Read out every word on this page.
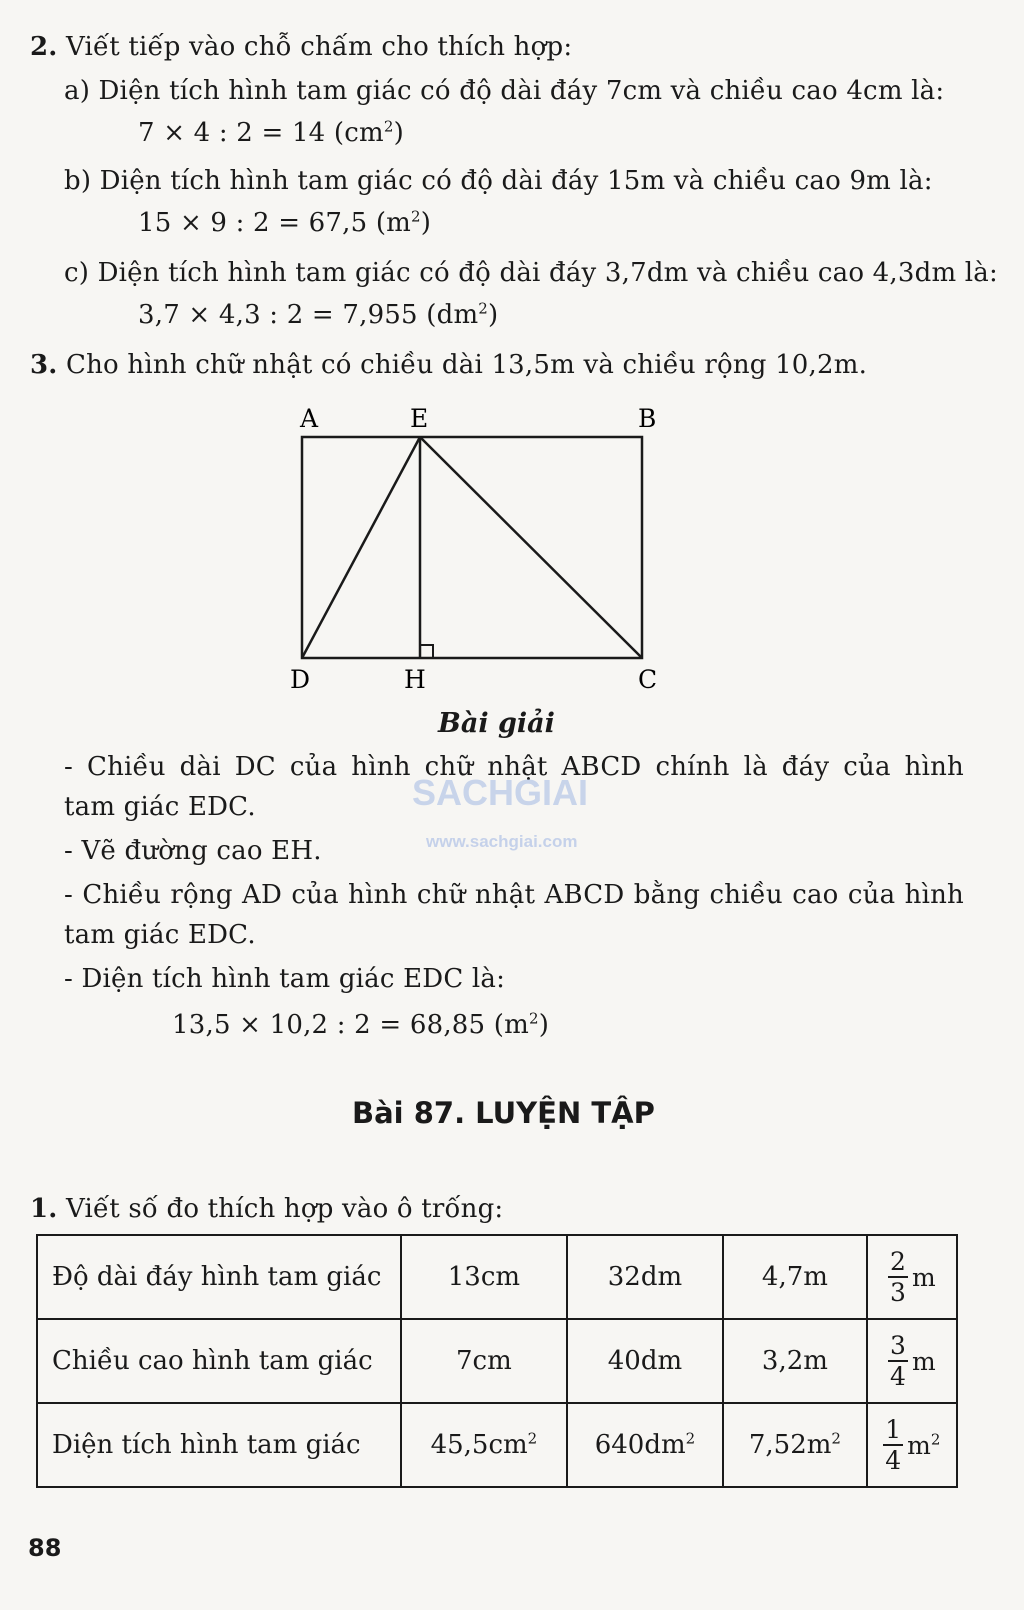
2. Viết tiếp vào chỗ chấm cho thích hợp:
a) Diện tích hình tam giác có độ dài đáy 7cm và chiều cao 4cm là:
7 × 4 : 2 = 14 $(cm^2)$
b) Diện tích hình tam giác có độ dài đáy 15m và chiều cao 9m là:
15 × 9 : 2 = 67,5 $(m^2)$
c) Diện tích hình tam giác có độ dài đáy 3,7dm và chiều cao 4,3dm là:
3,7 × 4,3 : 2 = 7,955 $(dm^2)$
3. Cho hình chữ nhật có chiều dài 13,5m và chiều rộng 10,2m.
A	E	B
D	H	C
Bài giải
- Chiều dài DC của hình chữ nhật ABCD chính là đáy của hình
tam giác EDC.
- Vẽ đường cao EH.
- Chiều rộng AD của hình chữ nhật ABCD bằng chiều cao của hình
tam giác EDC.
- Diện tích hình tam giác EDC là:
13,5 × 10,2 : 2 = 68,85 $(m^2)$
SACHGIAI
www.sachgiai.com
Bài 87. LUYỆN TẬP
1. Viết số đo thích hợp vào ô trống:
Độ dài đáy hình tam giác	13cm	32dm	4,7m	$\frac{2}{3}$ m
Chiều cao hình tam giác	7cm	40dm	3,2m	$\frac{3}{4}$ m
Diện tích hình tam giác	$45,5cm^2$	$640dm^2$	$7,52m^2$	$\frac{1}{4} m^2$
88
